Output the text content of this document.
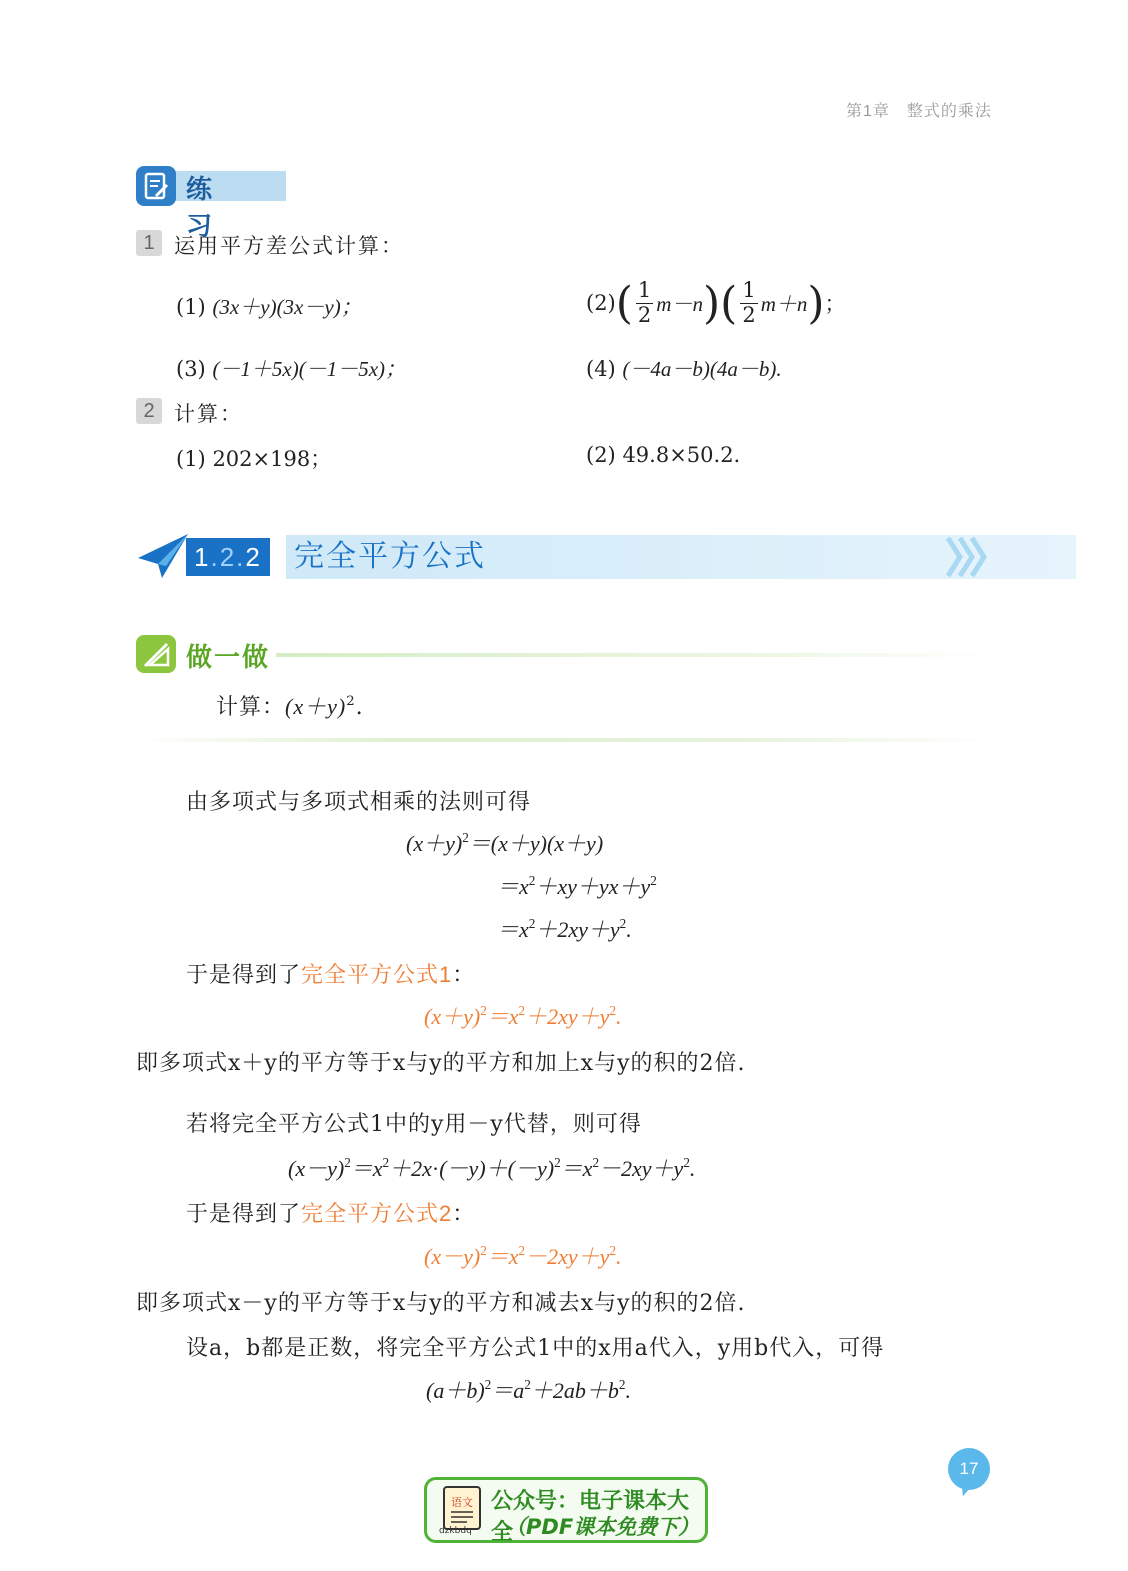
第1章　整式的乘法
练 习
1 运用平方差公式计算：
(1) (3x＋y)(3x－y)；	(2) ( $\frac{1}{2} m-n$ )( $\frac{1}{2} m+n$ ) ；
(3) (－1＋5x)(－1－5x)；	(4) (－4a－b)(4a－b).
2 计算：
(1) 202×198；	(2) 49.8×50.2.
1.2.2 完全平方公式
做一做
计算：$(x+y)^2$.
由多项式与多项式相乘的法则可得
$(x+y)^2=(x+y)(x+y)$
$=x^2+xy+yx+y^2$
$=x^2+2xy+y^2$.
于是得到了完全平方公式1：
$(x+y)^2=x^2+2xy+y^2$.
即多项式x＋y的平方等于x与y的平方和加上x与y的积的2倍.
若将完全平方公式1中的y用－y代替，则可得
$(x-y)^2=x^2+2x\cdot(-y)+(-y)^2=x^2-2xy+y^2$.
于是得到了完全平方公式2：
$(x-y)^2=x^2-2xy+y^2$.
即多项式x－y的平方等于x与y的平方和减去x与y的积的2倍.
设a，b都是正数，将完全平方公式1中的x用a代入，y用b代入，可得
$(a+b)^2=a^2+2ab+b^2$.
17
语文
dzkbdq
公众号：电子课本大全
（PDF课本免费下）
